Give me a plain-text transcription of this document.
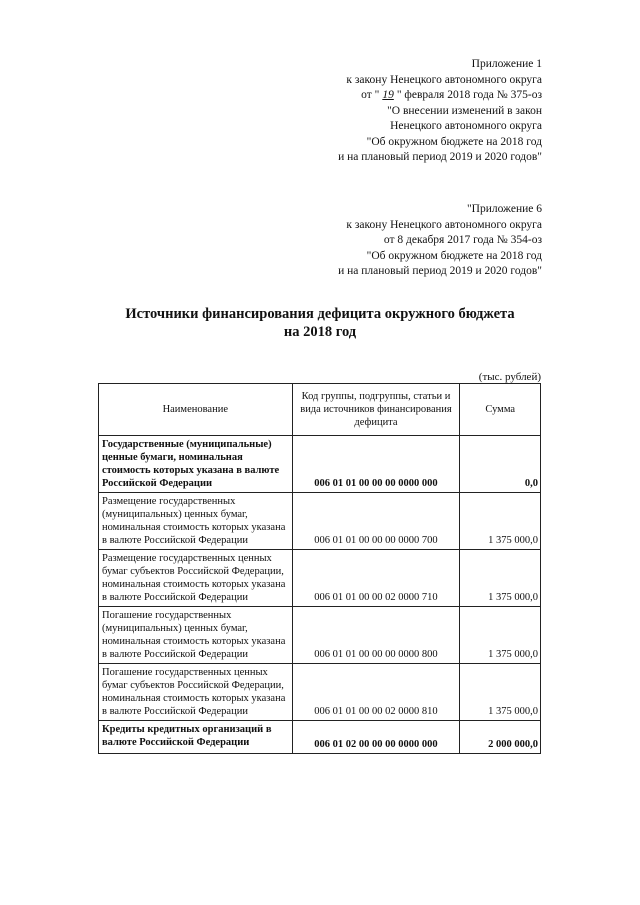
Приложение 1
к закону Ненецкого автономного округа
от " 19 " февраля 2018 года № 375-оз
"О внесении изменений в закон
Ненецкого автономного округа
"Об окружном бюджете на 2018 год
и на плановый период 2019 и 2020 годов"
"Приложение 6
к закону Ненецкого автономного округа
от 8 декабря 2017 года № 354-оз
"Об окружном бюджете на 2018 год
и на плановый период 2019 и 2020 годов"
Источники финансирования дефицита окружного бюджета
на 2018 год
(тыс. рублей)
Наименование	Код группы, подгруппы, статьи и вида источников финансирования дефицита	Сумма
Государственные (муниципальные) ценные бумаги, номинальная стоимость которых указана в валюте Российской Федерации	006 01 01 00 00 00 0000 000	0,0
Размещение государственных (муниципальных) ценных бумаг, номинальная стоимость которых указана в валюте Российской Федерации	006 01 01 00 00 00 0000 700	1 375 000,0
Размещение государственных ценных бумаг субъектов Российской Федерации, номинальная стоимость которых указана в валюте Российской Федерации	006 01 01 00 00 02 0000 710	1 375 000,0
Погашение государственных (муниципальных) ценных бумаг, номинальная стоимость которых указана в валюте Российской Федерации	006 01 01 00 00 00 0000 800	1 375 000,0
Погашение государственных ценных бумаг субъектов Российской Федерации, номинальная стоимость которых указана в валюте Российской Федерации	006 01 01 00 00 02 0000 810	1 375 000,0
Кредиты кредитных организаций в валюте Российской Федерации	006 01 02 00 00 00 0000 000	2 000 000,0
